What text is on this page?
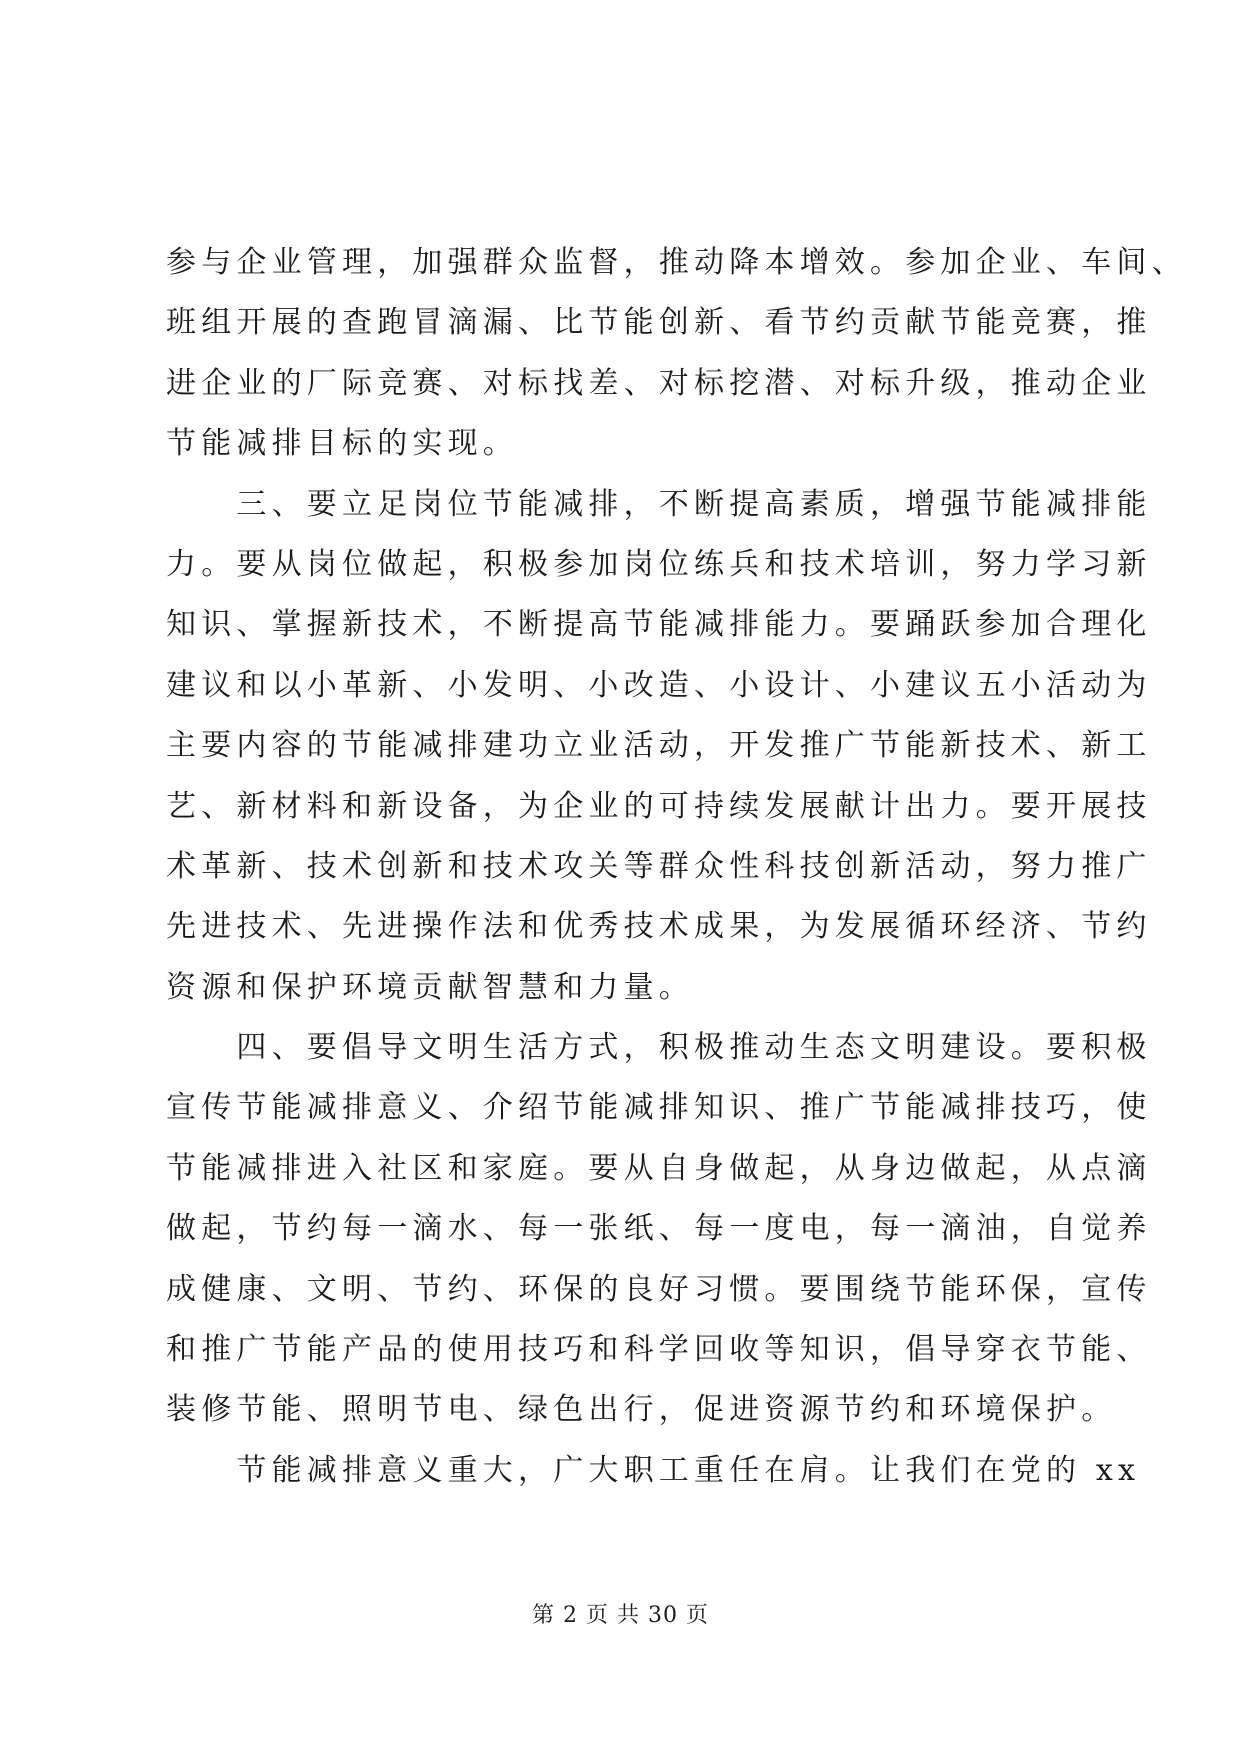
参与企业管理，加强群众监督，推动降本增效。参加企业、车间、
班组开展的查跑冒滴漏、比节能创新、看节约贡献节能竞赛，推
进企业的厂际竞赛、对标找差、对标挖潜、对标升级，推动企业
节能减排目标的实现。
　　三、要立足岗位节能减排，不断提高素质，增强节能减排能
力。要从岗位做起，积极参加岗位练兵和技术培训，努力学习新
知识、掌握新技术，不断提高节能减排能力。要踊跃参加合理化
建议和以小革新、小发明、小改造、小设计、小建议五小活动为
主要内容的节能减排建功立业活动，开发推广节能新技术、新工
艺、新材料和新设备，为企业的可持续发展献计出力。要开展技
术革新、技术创新和技术攻关等群众性科技创新活动，努力推广
先进技术、先进操作法和优秀技术成果，为发展循环经济、节约
资源和保护环境贡献智慧和力量。
　　四、要倡导文明生活方式，积极推动生态文明建设。要积极
宣传节能减排意义、介绍节能减排知识、推广节能减排技巧，使
节能减排进入社区和家庭。要从自身做起，从身边做起，从点滴
做起，节约每一滴水、每一张纸、每一度电，每一滴油，自觉养
成健康、文明、节约、环保的良好习惯。要围绕节能环保，宣传
和推广节能产品的使用技巧和科学回收等知识，倡导穿衣节能、
装修节能、照明节电、绿色出行，促进资源节约和环境保护。
　　节能减排意义重大，广大职工重任在肩。让我们在党的 xx
第 2 页 共 30 页
